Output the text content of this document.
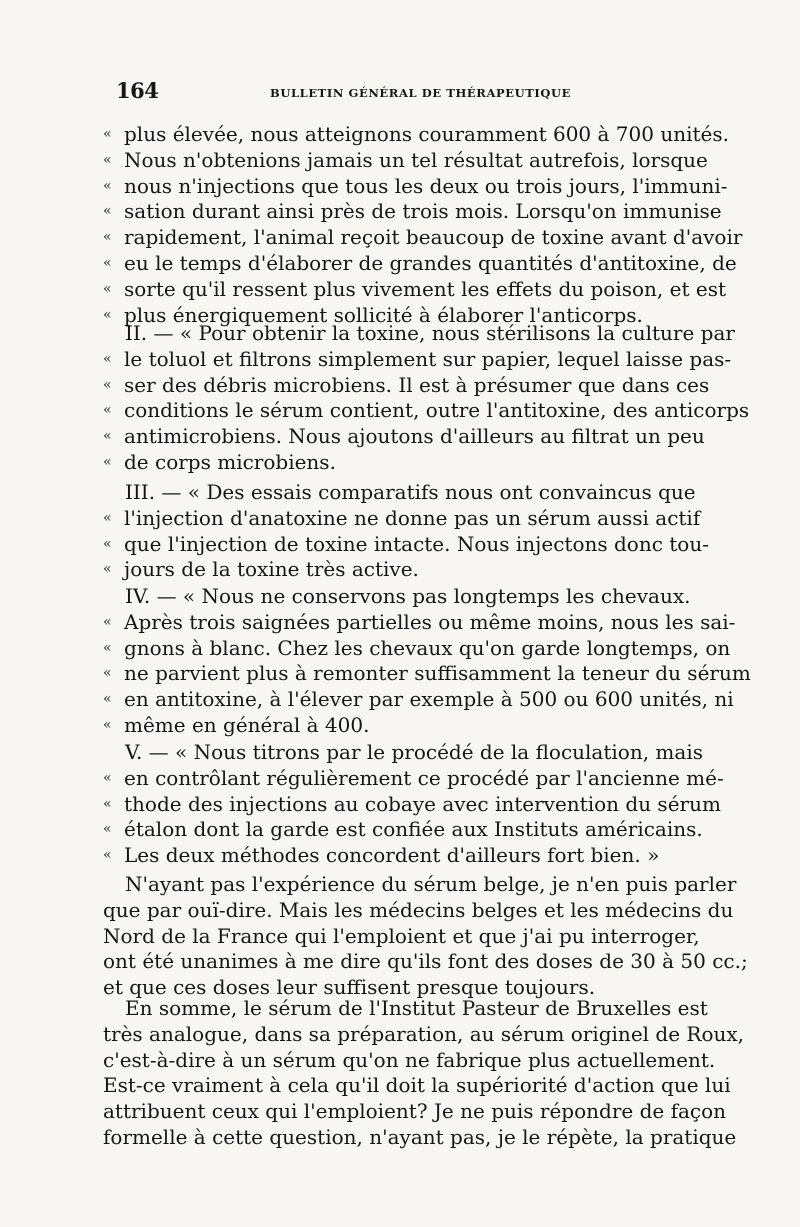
164	BULLETIN GÉNÉRAL DE THÉRAPEUTIQUE
« plus élevée, nous atteignons couramment 600 à 700 unités.
« Nous n'obtenions jamais un tel résultat autrefois, lorsque
« nous n'injections que tous les deux ou trois jours, l'immuni-
« sation durant ainsi près de trois mois. Lorsqu'on immunise
« rapidement, l'animal reçoit beaucoup de toxine avant d'avoir
« eu le temps d'élaborer de grandes quantités d'antitoxine, de
« sorte qu'il ressent plus vivement les effets du poison, et est
« plus énergiquement sollicité à élaborer l'anticorps.
II. — « Pour obtenir la toxine, nous stérilisons la culture par
« le toluol et filtrons simplement sur papier, lequel laisse pas-
« ser des débris microbiens. Il est à présumer que dans ces
« conditions le sérum contient, outre l'antitoxine, des anticorps
« antimicrobiens. Nous ajoutons d'ailleurs au filtrat un peu
« de corps microbiens.
III. — « Des essais comparatifs nous ont convaincus que
« l'injection d'anatoxine ne donne pas un sérum aussi actif
« que l'injection de toxine intacte. Nous injectons donc tou-
« jours de la toxine très active.
IV. — « Nous ne conservons pas longtemps les chevaux.
« Après trois saignées partielles ou même moins, nous les sai-
« gnons à blanc. Chez les chevaux qu'on garde longtemps, on
« ne parvient plus à remonter suffisamment la teneur du sérum
« en antitoxine, à l'élever par exemple à 500 ou 600 unités, ni
« même en général à 400.
V. — « Nous titrons par le procédé de la floculation, mais
« en contrôlant régulièrement ce procédé par l'ancienne mé-
« thode des injections au cobaye avec intervention du sérum
« étalon dont la garde est confiée aux Instituts américains.
« Les deux méthodes concordent d'ailleurs fort bien. »
N'ayant pas l'expérience du sérum belge, je n'en puis parler
que par ouï-dire. Mais les médecins belges et les médecins du
Nord de la France qui l'emploient et que j'ai pu interroger,
ont été unanimes à me dire qu'ils font des doses de 30 à 50 cc.;
et que ces doses leur suffisent presque toujours.
En somme, le sérum de l'Institut Pasteur de Bruxelles est
très analogue, dans sa préparation, au sérum originel de Roux,
c'est-à-dire à un sérum qu'on ne fabrique plus actuellement.
Est-ce vraiment à cela qu'il doit la supériorité d'action que lui
attribuent ceux qui l'emploient? Je ne puis répondre de façon
formelle à cette question, n'ayant pas, je le répète, la pratique
